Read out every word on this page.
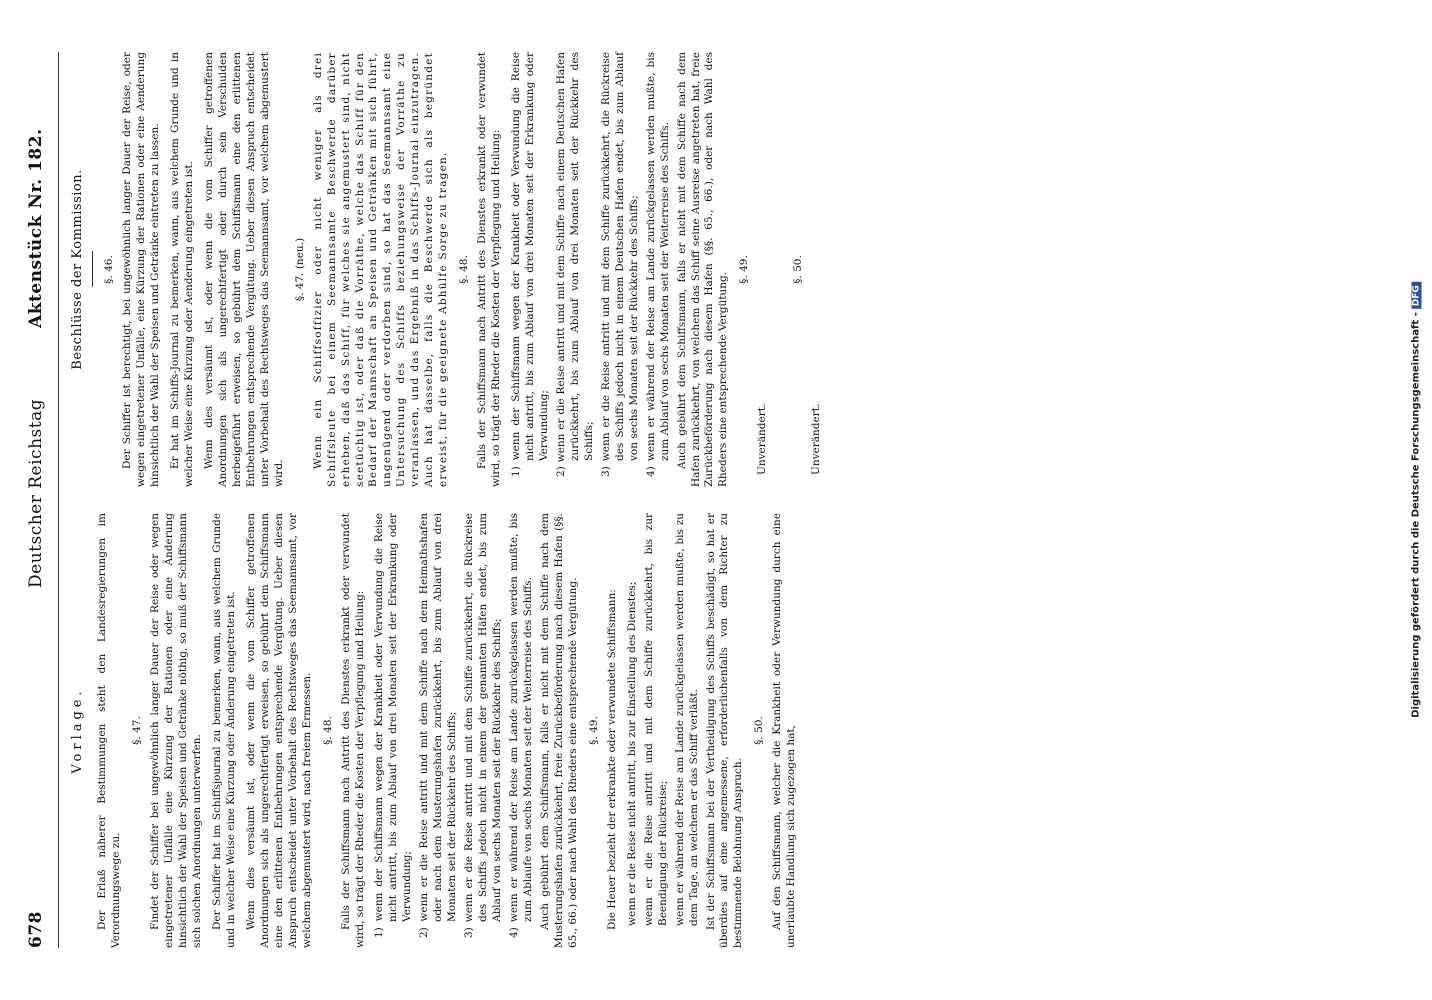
678
Deutscher Reichstag
Aktenstück Nr. 182.
Vorlage. Der Erlaß näherer Bestimmungen steht den Landesregierungen im Verordnungswege zu.

§. 47. Findet der Schiffer bei ungewöhnlich langer Dauer der Reise oder wegen eingetretener Unfälle eine Kürzung der Rationen oder eine Änderung hinsichtlich der Wahl der Speisen und Getränke nöthig, so muß der Schiffsmann sich solchen Anordnungen unterwerfen. Der Schiffer hat im Schiffsjournal zu bemerken, wann, aus welchem Grunde und in welcher Weise eine Kürzung oder Änderung eingetreten ist. Wenn dies versäumt ist, oder wenn die vom Schiffer getroffenen Anordnungen sich als ungerechtfertigt erweisen, so gebührt dem Schiffsmann eine den erlittenen Entbehrungen entsprechende Vergütung. Ueber diesen Anspruch entscheidet unter Vorbehalt des Rechtsweges das Seemannsamt, vor welchem abgemustert wird, nach freiem Ermessen. §. 48. Falls der Schiffsmann nach Antritt des Dienstes erkrankt oder verwundet wird, so trägt der Rheder die Kosten der Verpflegung und Heilung: 1) wenn der Schiffsmann wegen der Krankheit oder Verwundung die Reise nicht antritt, bis zum Ablauf von drei Monaten seit der Erkrankung oder Verwundung; 2) wenn er die Reise antritt und mit dem Schiffe nach dem Heimathshafen oder nach dem Musterungshafen zurückkehrt, bis zum Ablauf von drei Monaten seit der Rückkehr des Schiffs; 3) wenn er die Reise antritt und mit dem Schiffe zurückkehrt, die Rückreise des Schiffs jedoch nicht in einem der genannten Häfen endet, bis zum Ablauf von sechs Monaten seit der Rückkehr des Schiffs; 4) wenn er während der Reise am Lande zurückgelassen werden mußte, bis zum Ablaufe von sechs Monaten seit der Weiterreise des Schiffs. Auch gebührt dem Schiffsmann, falls er nicht mit dem Schiffe nach dem Musterungshafen zurückkehrt, freie Zurückbeförderung nach diesem Hafen (§§. 65., 66.) oder nach Wahl des Rheders eine entsprechende Vergütung. §. 49. Die Heuer bezieht der erkrankte oder verwundete Schiffsmann: wenn er die Reise nicht antritt, bis zur Einstellung des Dienstes; wenn er die Reise antritt und mit dem Schiffe zurückkehrt, bis zur Beendigung der Rückreise; wenn er während der Reise am Lande zurückgelassen werden mußte, bis zu dem Tage, an welchem er das Schiff verläßt. Ist der Schiffsmann bei der Vertheidigung des Schiffs beschädigt, so hat er überdies auf eine angemessene, erforderlichenfalls von dem Richter zu bestimmende Belohnung Anspruch.

§. 50. Auf den Schiffsmann, welcher die Krankheit oder Verwundung durch eine unerlaubte Handlung sich zugezogen hat,

Beschlüsse der Kommission. §. 46. Der Schiffer ist berechtigt, bei ungewöhnlich langer Dauer der Reise, oder wegen eingetretener Unfälle, eine Kürzung der Rationen oder eine Aenderung hinsichtlich der Wahl der Speisen und Getränke eintreten zu lassen. Er hat im Schiffs-Journal zu bemerken, wann, aus welchem Grunde und in welcher Weise eine Kürzung oder Aenderung eingetreten ist. Wenn dies versäumt ist, oder wenn die vom Schiffer getroffenen Anordnungen sich als ungerechtfertigt oder durch sein Verschulden herbeigeführt erweisen, so gebührt dem Schiffsmann eine den erlittenen Entbehrungen entsprechende Vergütung. Ueber diesen Anspruch entscheidet unter Vorbehalt des Rechtsweges das Seemannsamt, vor welchem abgemustert wird.

§. 47. (neu.) Wenn ein Schiffsoffizier oder nicht weniger als drei Schiffsleute bei einem Seemannsamte Beschwerde darüber erheben, daß das Schiff, für welches sie angemustert sind, nicht seetüchtig ist, oder daß die Vorräthe, welche das Schiff für den Bedarf der Mannschaft an Speisen und Getränken mit sich führt, ungenügend oder verdorben sind, so hat das Seemannsamt eine Untersuchung des Schiffs beziehungsweise der Vorräthe zu veranlassen, und das Ergebniß in das Schiffs-Journal einzutragen. Auch hat dasselbe, falls die Beschwerde sich als begründet erweist, für die geeignete Abhülfe Sorge zu tragen. §. 48. Falls der Schiffsmann nach Antritt des Dienstes erkrankt oder verwundet wird, so trägt der Rheder die Kosten der Verpflegung und Heilung: 1) wenn der Schiffsmann wegen der Krankheit oder Verwundung die Reise nicht antritt, bis zum Ablauf von drei Monaten seit der Erkrankung oder Verwundung; 2) wenn er die Reise antritt und mit dem Schiffe nach einem Deutschen Hafen zurückkehrt, bis zum Ablauf von drei Monaten seit der Rückkehr des Schiffs; 3) wenn er die Reise antritt und mit dem Schiffe zurückkehrt, die Rückreise des Schiffs jedoch nicht in einem Deutschen Hafen endet, bis zum Ablauf von sechs Monaten seit der Rückkehr des Schiffs; 4) wenn er während der Reise am Lande zurückgelassen werden mußte, bis zum Ablauf von sechs Monaten seit der Weiterreise des Schiffs. Auch gebührt dem Schiffsmann, falls er nicht mit dem Schiffe nach dem Hafen zurückkehrt, von welchem das Schiff seine Ausreise angetreten hat, freie Zurückbeförderung nach diesem Hafen (§§. 65., 66.), oder nach Wahl des Rheders eine entsprechende Vergütung.

§. 49.

Unverändert.

§. 50.

Unverändert.	Digitalisierung gefördert durch die Deutsche Forschungsgemeinschaft -DFG
